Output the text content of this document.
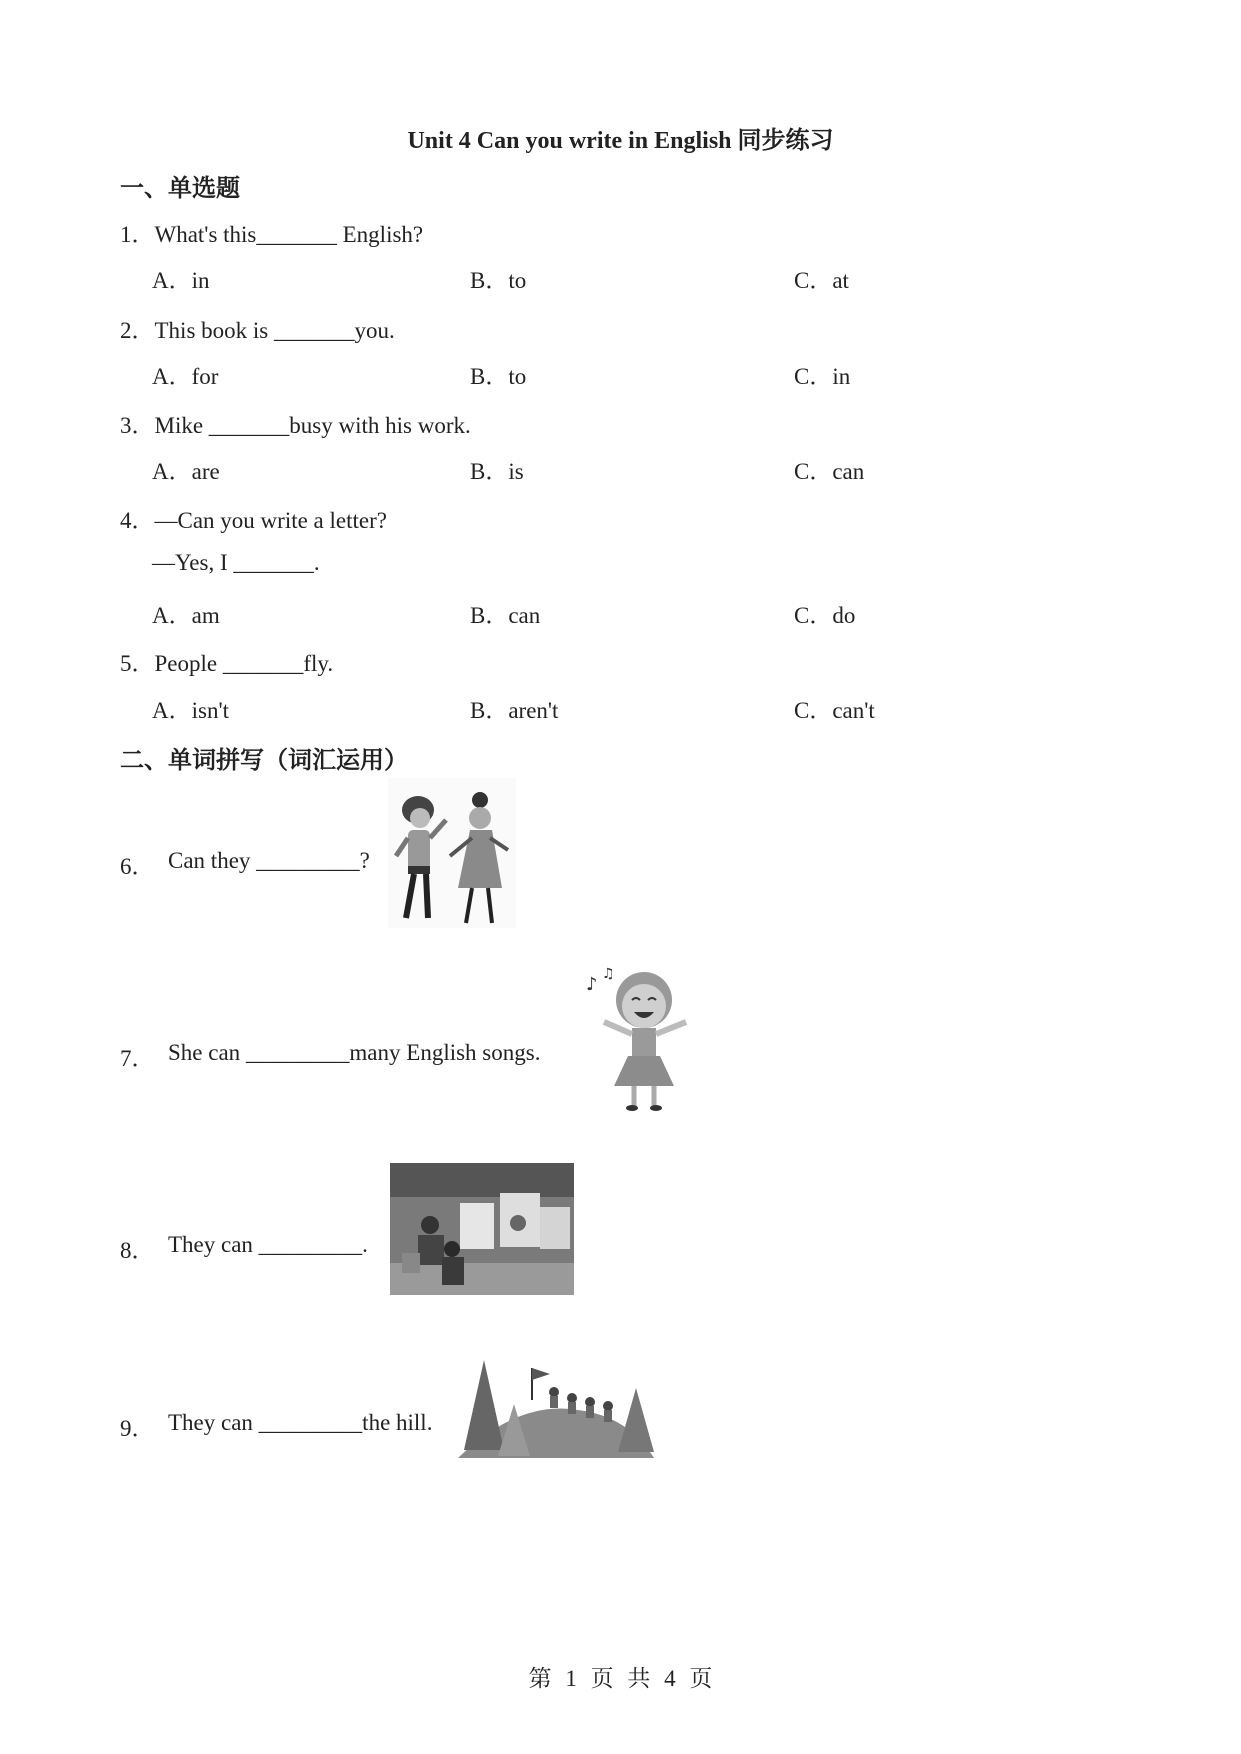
Unit 4 Can you write in English 同步练习
一、单选题
1．What's this_______ English?
A．in	B．to	C．at
2．This book is _______you.
A．for	B．to	C．in
3．Mike _______busy with his work.
A．are	B．is	C．can
4．—Can you write a letter?
—Yes, I _______.
A．am	B．can	C．do
5．People _______fly.
A．isn't	B．aren't	C．can't
二、单词拼写（词汇运用）
6． Can they _________?
7． She can _________many English songs.
♪ ♫
8． They can _________.
9． They can _________the hill.
第 1 页 共 4 页
